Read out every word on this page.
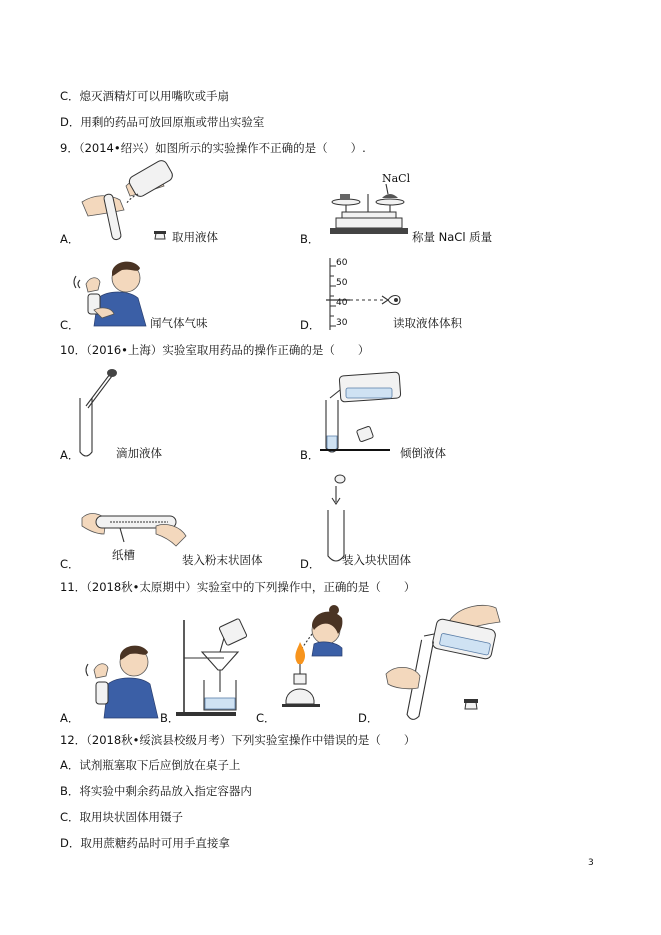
C．熄灭酒精灯可以用嘴吹或手扇
D．用剩的药品可放回原瓶或带出实验室
9．（2014•绍兴）如图所示的实验操作不正确的是（　　）.
A．	取用液体
NaCl
B．	称量 NaCl 质量
C．	闻气体气味
60
50
40
30
D．	读取液体体积
10．（2016•上海）实验室取用药品的操作正确的是（　　）
A．	滴加液体	B．	倾倒液体
纸槽
C．	装入粉末状固体	D． 装入块状固体
11．（2018秋•太原期中）实验室中的下列操作中，正确的是（　　）
A．	B．	C．	D．
12．（2018秋•绥滨县校级月考）下列实验室操作中错误的是（　　）
A．试剂瓶塞取下后应倒放在桌子上
B．将实验中剩余药品放入指定容器内
C．取用块状固体用镊子
D．取用蔗糖药品时可用手直接拿
3
